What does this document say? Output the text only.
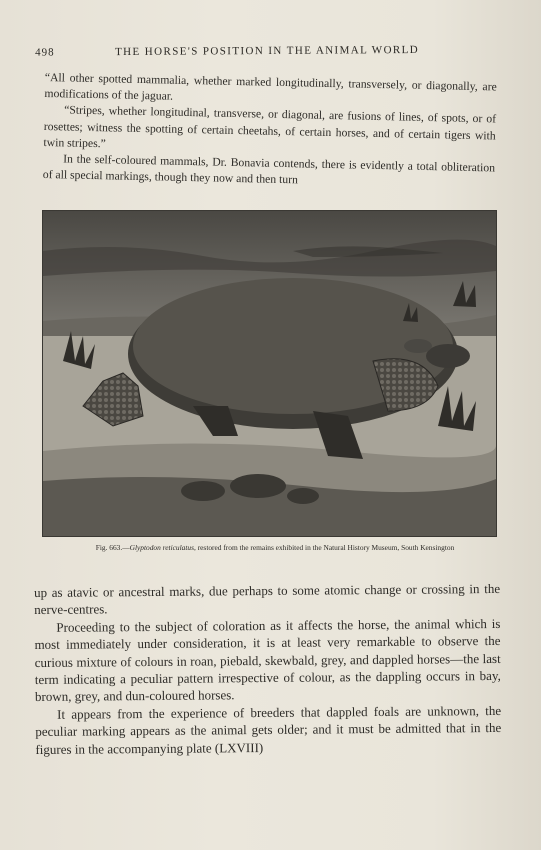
498	THE HORSE'S POSITION IN THE ANIMAL WORLD

“All other spotted mammalia, whether marked longitudinally, transversely, or diagonally, are modifications of the jaguar.

“Stripes, whether longitudinal, transverse, or diagonal, are fusions of lines, of spots, or of rosettes; witness the spotting of certain cheetahs, of certain horses, and of certain tigers with twin stripes.”

In the self-coloured mammals, Dr. Bonavia contends, there is evidently a total obliteration of all special markings, though they now and then turn

Fig. 663.—Glyptodon reticulatus, restored from the remains exhibited in the Natural History Museum, South Kensington

up as atavic or ancestral marks, due perhaps to some atomic change or crossing in the nerve-centres.

Proceeding to the subject of coloration as it affects the horse, the animal which is most immediately under consideration, it is at least very remarkable to observe the curious mixture of colours in roan, piebald, skewbald, grey, and dappled horses—the last term indicating a peculiar pattern irrespective of colour, as the dappling occurs in bay, brown, grey, and dun-coloured horses.

It appears from the experience of breeders that dappled foals are unknown, the peculiar marking appears as the animal gets older; and it must be admitted that in the figures in the accompanying plate (LXVIII)
